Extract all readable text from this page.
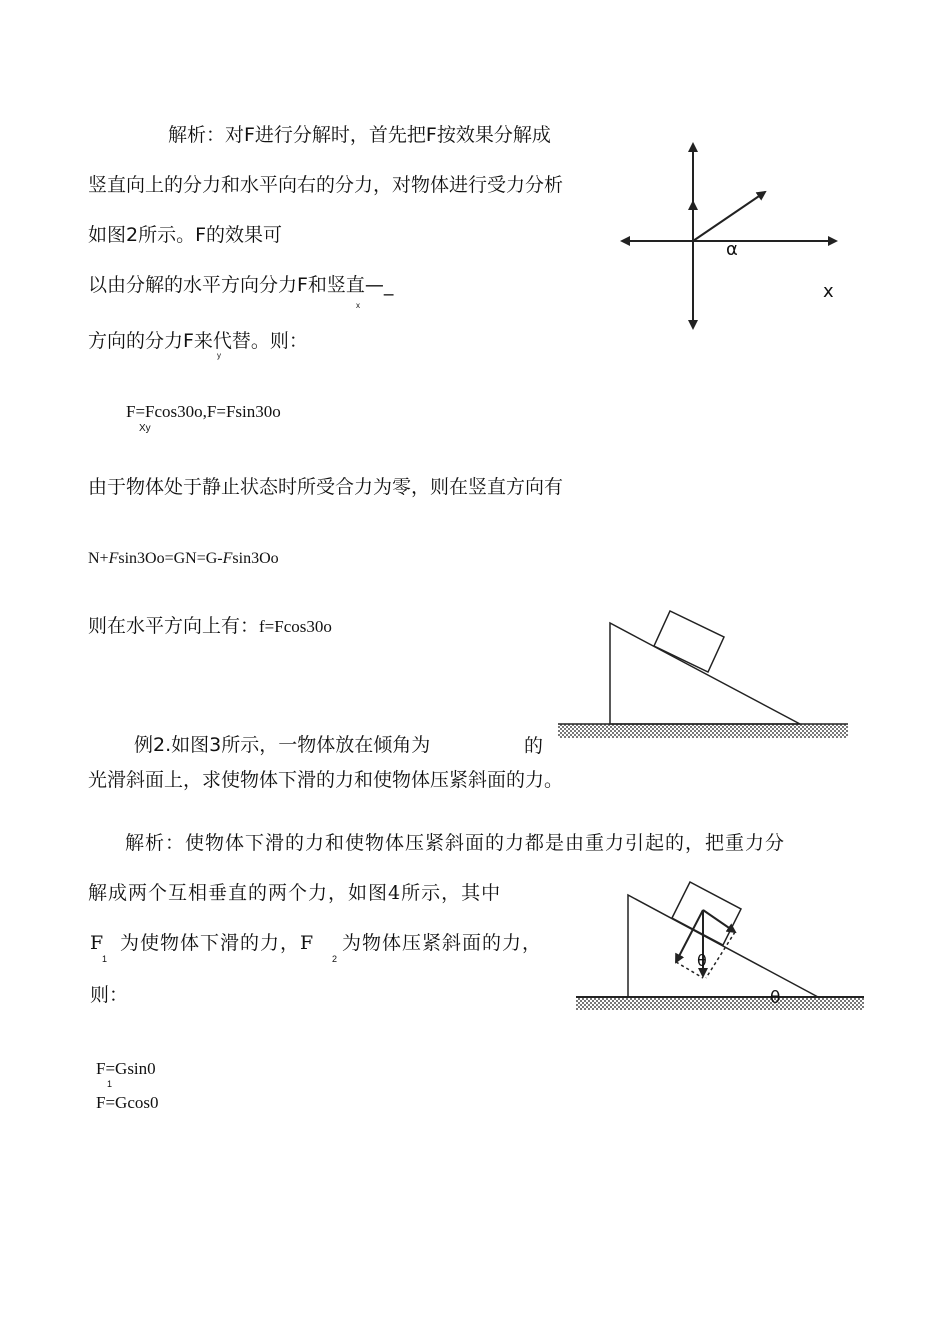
解析：对F进行分解时，首先把F按效果分解成
竖直向上的分力和水平向右的分力，对物体进行受力分析
如图2所示。F的效果可
以由分解的水平方向分力F和竖直—_
x
方向的分力F来代替。则：
y
F=Fcos30o,F=Fsin30o
Xy
由于物体处于静止状态时所受合力为零，则在竖直方向有
N+Fsin3Oo=GN=G-Fsin3Oo
则在水平方向上有：f=Fcos30o
α
x
例2.如图3所示，一物体放在倾角为	的
光滑斜面上，求使物体下滑的力和使物体压紧斜面的力。
解析：使物体下滑的力和使物体压紧斜面的力都是由重力引起的，把重力分
解成两个互相垂直的两个力，如图4所示，其中
F
1
为使物体下滑的力，F
2
为物体压紧斜面的力，
则：
F=Gsin0
1
F=Gcos0
θ
θ
